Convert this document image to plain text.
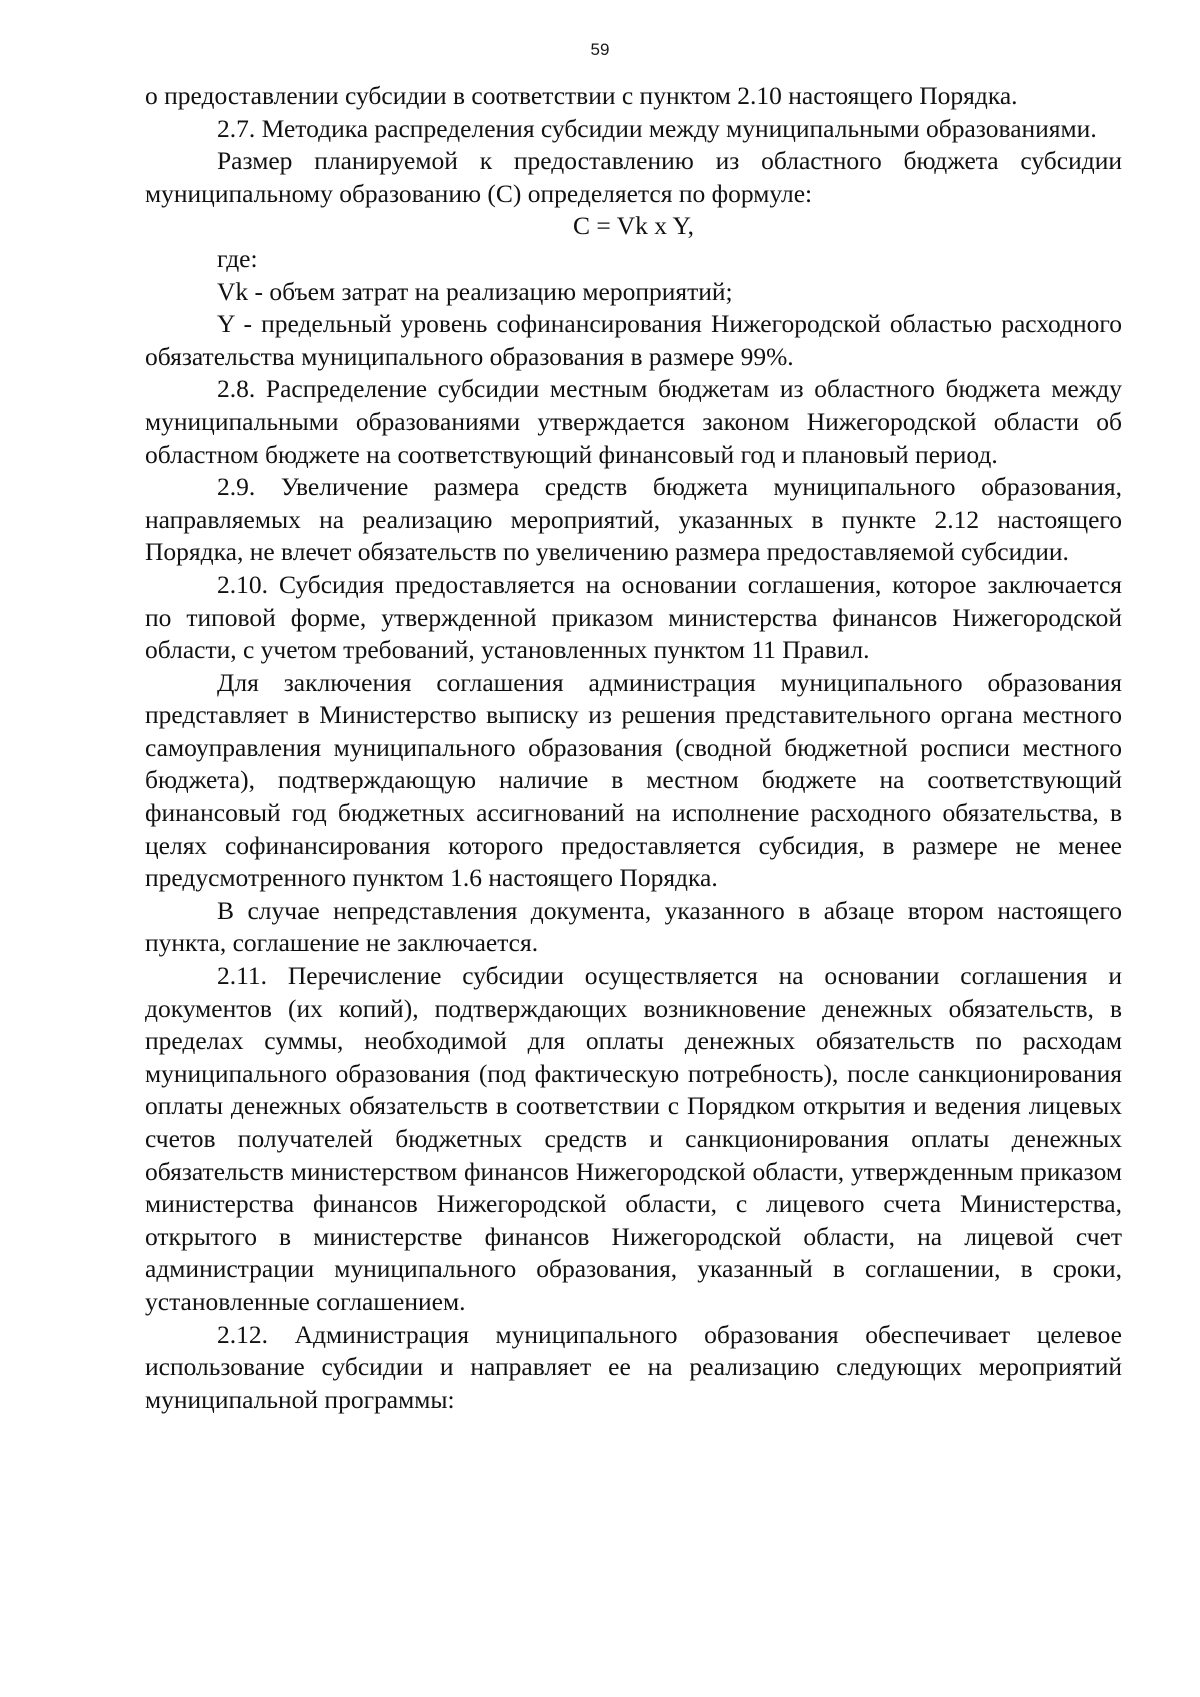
59

о предоставлении субсидии в соответствии с пунктом 2.10 настоящего Порядка.

2.7. Методика распределения субсидии между муниципальными образованиями.

Размер планируемой к предоставлению из областного бюджета субсидии муниципальному образованию (С) определяется по формуле:

C = Vk x Y,

где:

Vk - объем затрат на реализацию мероприятий;

Y - предельный уровень софинансирования Нижегородской областью расходного обязательства муниципального образования в размере 99%.

2.8. Распределение субсидии местным бюджетам из областного бюджета между муниципальными образованиями утверждается законом Нижегородской области об областном бюджете на соответствующий финансовый год и плановый период.

2.9. Увеличение размера средств бюджета муниципального образования, направляемых на реализацию мероприятий, указанных в пункте 2.12 настоящего Порядка, не влечет обязательств по увеличению размера предоставляемой субсидии.

2.10. Субсидия предоставляется на основании соглашения, которое заключается по типовой форме, утвержденной приказом министерства финансов Нижегородской области, с учетом требований, установленных пунктом 11 Правил.

Для заключения соглашения администрация муниципального образования представляет в Министерство выписку из решения представительного органа местного самоуправления муниципального образования (сводной бюджетной росписи местного бюджета), подтверждающую наличие в местном бюджете на соответствующий финансовый год бюджетных ассигнований на исполнение расходного обязательства, в целях софинансирования которого предоставляется субсидия, в размере не менее предусмотренного пунктом 1.6 настоящего Порядка.

В случае непредставления документа, указанного в абзаце втором настоящего пункта, соглашение не заключается.

2.11. Перечисление субсидии осуществляется на основании соглашения и документов (их копий), подтверждающих возникновение денежных обязательств, в пределах суммы, необходимой для оплаты денежных обязательств по расходам муниципального образования (под фактическую потребность), после санкционирования оплаты денежных обязательств в соответствии с Порядком открытия и ведения лицевых счетов получателей бюджетных средств и санкционирования оплаты денежных обязательств министерством финансов Нижегородской области, утвержденным приказом министерства финансов Нижегородской области, с лицевого счета Министерства, открытого в министерстве финансов Нижегородской области, на лицевой счет администрации муниципального образования, указанный в соглашении, в сроки, установленные соглашением.

2.12. Администрация муниципального образования обеспечивает целевое использование субсидии и направляет ее на реализацию следующих мероприятий муниципальной программы:
